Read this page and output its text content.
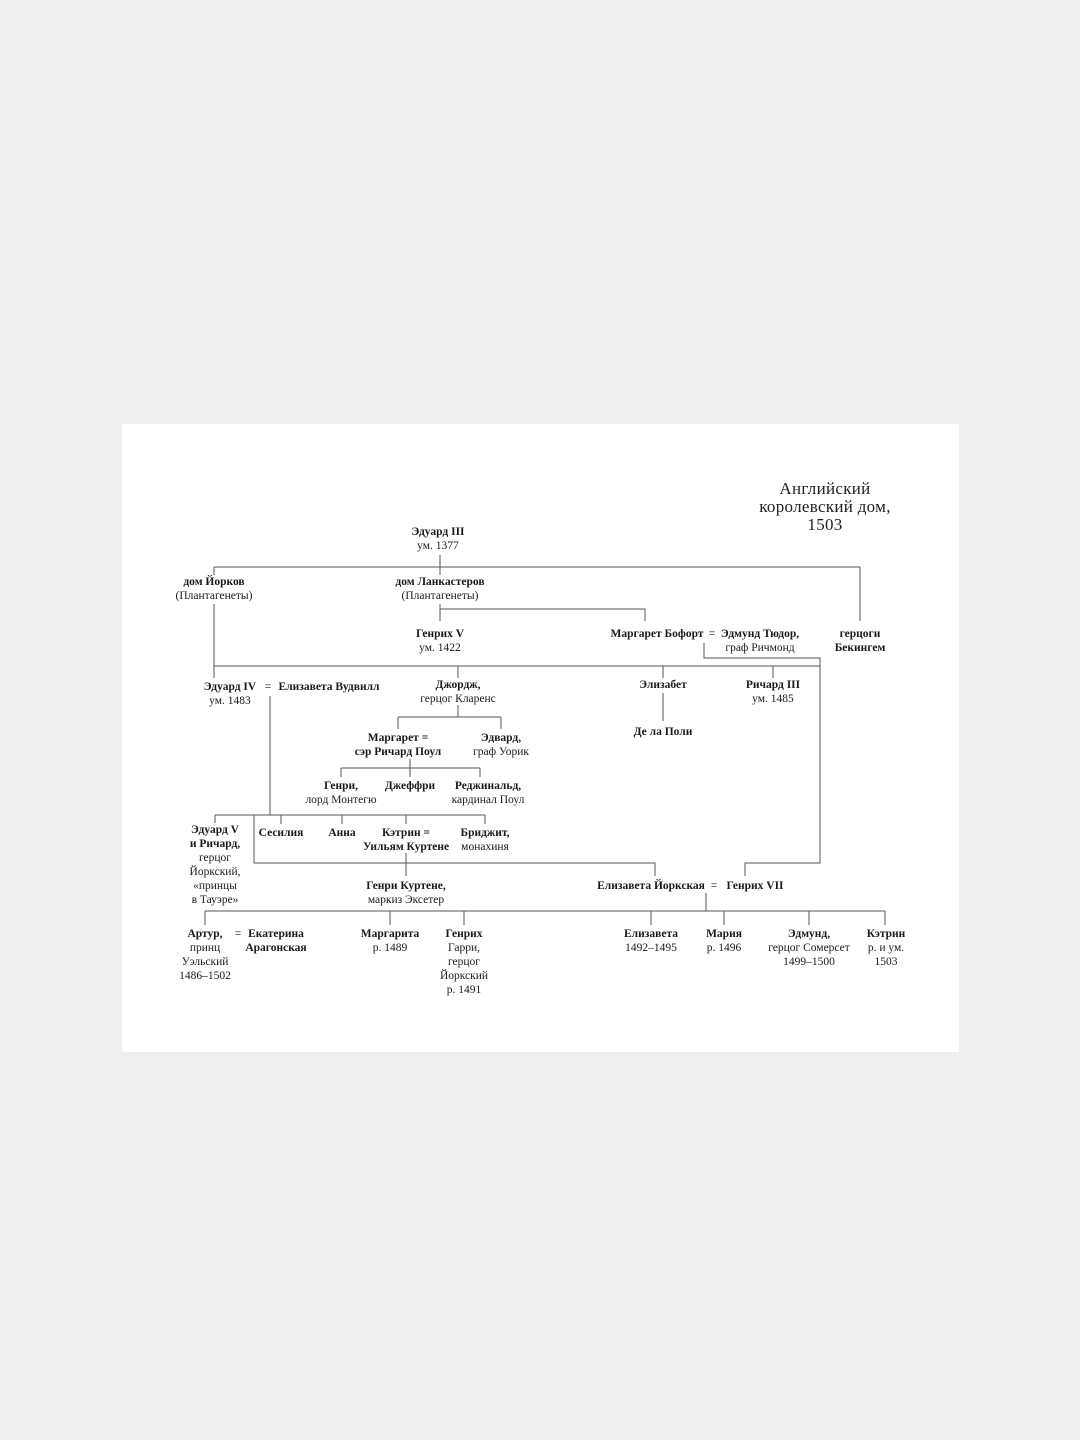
Английский
королевский дом,
1503
Эдуард III
ум. 1377
дом Йорков
(Плантагенеты)
дом Ланкастеров
(Плантагенеты)
Генрих V
ум. 1422
Маргарет Бофорт Эдмунд Тюдор,
граф Ричмонд
герцоги
Бекингем
Эдуард IV
ум. 1483
Елизавета Вудвилл	Джордж,
герцог Кларенс
Элизабет	Ричард III
ум. 1485
Де ла Поли
Маргарет =
сэр Ричард Поул
Эдвард,
граф Уорик
Генри,
лорд Монтегю
Джеффри Реджинальд,
кардинал Поул
Эдуард V
и Ричард,
герцог
Йоркский,
«принцы
в Тауэре»
Сесилия Анна	Кэтрин =
Уильям Куртене
Бриджит,
монахиня
Генри Куртене,
маркиз Эксетер
Елизавета Йоркская Генрих VII
Артур,
принц
Уэльский
1486–1502
Екатерина
Арагонская
Маргарита
р. 1489
Генрих
Гарри,
герцог
Йоркский
р. 1491
Елизавета
1492–1495
Мария
р. 1496
Эдмунд,
герцог Сомерсет
1499–1500
Кэтрин
р. и ум.
1503
=
=
=
=
